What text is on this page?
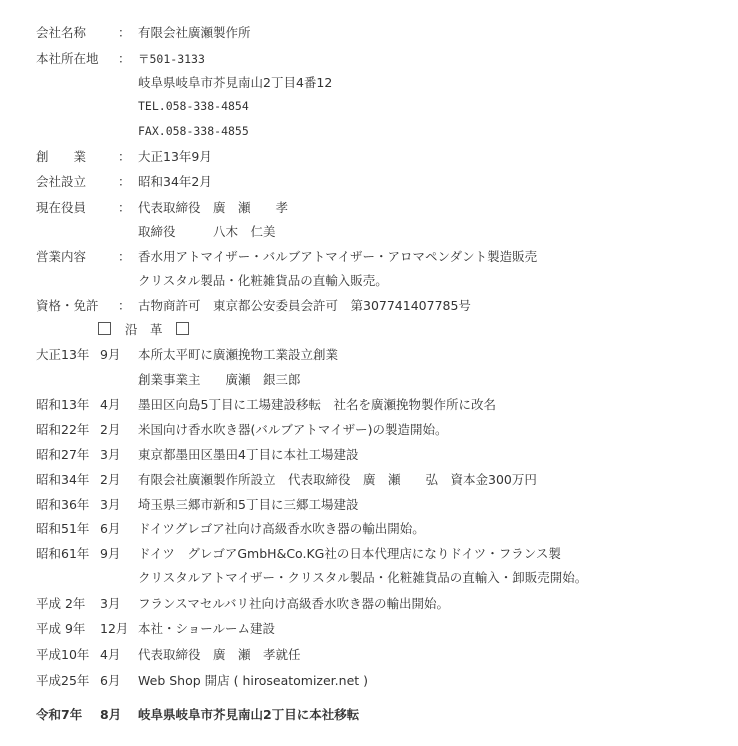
会社名称	： 有限会社廣瀬製作所
本社所在地 ： 〒501-3133
岐阜県岐阜市芥見南山2丁目4番12
TEL.058-338-4854
FAX.058-338-4855
創　　業	： 大正13年9月
会社設立	： 昭和34年2月
現在役員	： 代表取締役　廣　瀬　　孝
取締役　　　八木　仁美
営業内容	： 香水用アトマイザー・バルブアトマイザー・アロマペンダント製造販売
クリスタル製品・化粧雑貨品の直輸入販売。
資格・免許 ： 古物商許可　東京都公安委員会許可　第307741407785号
沿　革
大正13年 9月 本所太平町に廣瀬挽物工業設立創業
創業事業主　　廣瀬　銀三郎
昭和13年 4月 墨田区向島5丁目に工場建設移転　社名を廣瀬挽物製作所に改名
昭和22年 2月 米国向け香水吹き器(バルブアトマイザー)の製造開始。
昭和27年 3月 東京都墨田区墨田4丁目に本社工場建設
昭和34年 2月 有限会社廣瀬製作所設立　代表取締役　廣　瀬　　弘　資本金300万円
昭和36年 3月 埼玉県三郷市新和5丁目に三郷工場建設
昭和51年 6月 ドイツグレゴア社向け高級香水吹き器の輸出開始。
昭和61年 9月 ドイツ　グレゴアGmbH&Co.KG社の日本代理店になりドイツ・フランス製
クリスタルアトマイザー・クリスタル製品・化粧雑貨品の直輸入・卸販売開始。
平成 2年 3月 フランスマセルバリ社向け高級香水吹き器の輸出開始。
平成 9年 12月 本社・ショールーム建設
平成10年 4月 代表取締役　廣　瀬　孝就任
平成25年 6月 Web Shop 開店 ( hiroseatomizer.net )
令和7年 8月 岐阜県岐阜市芥見南山2丁目に本社移転
